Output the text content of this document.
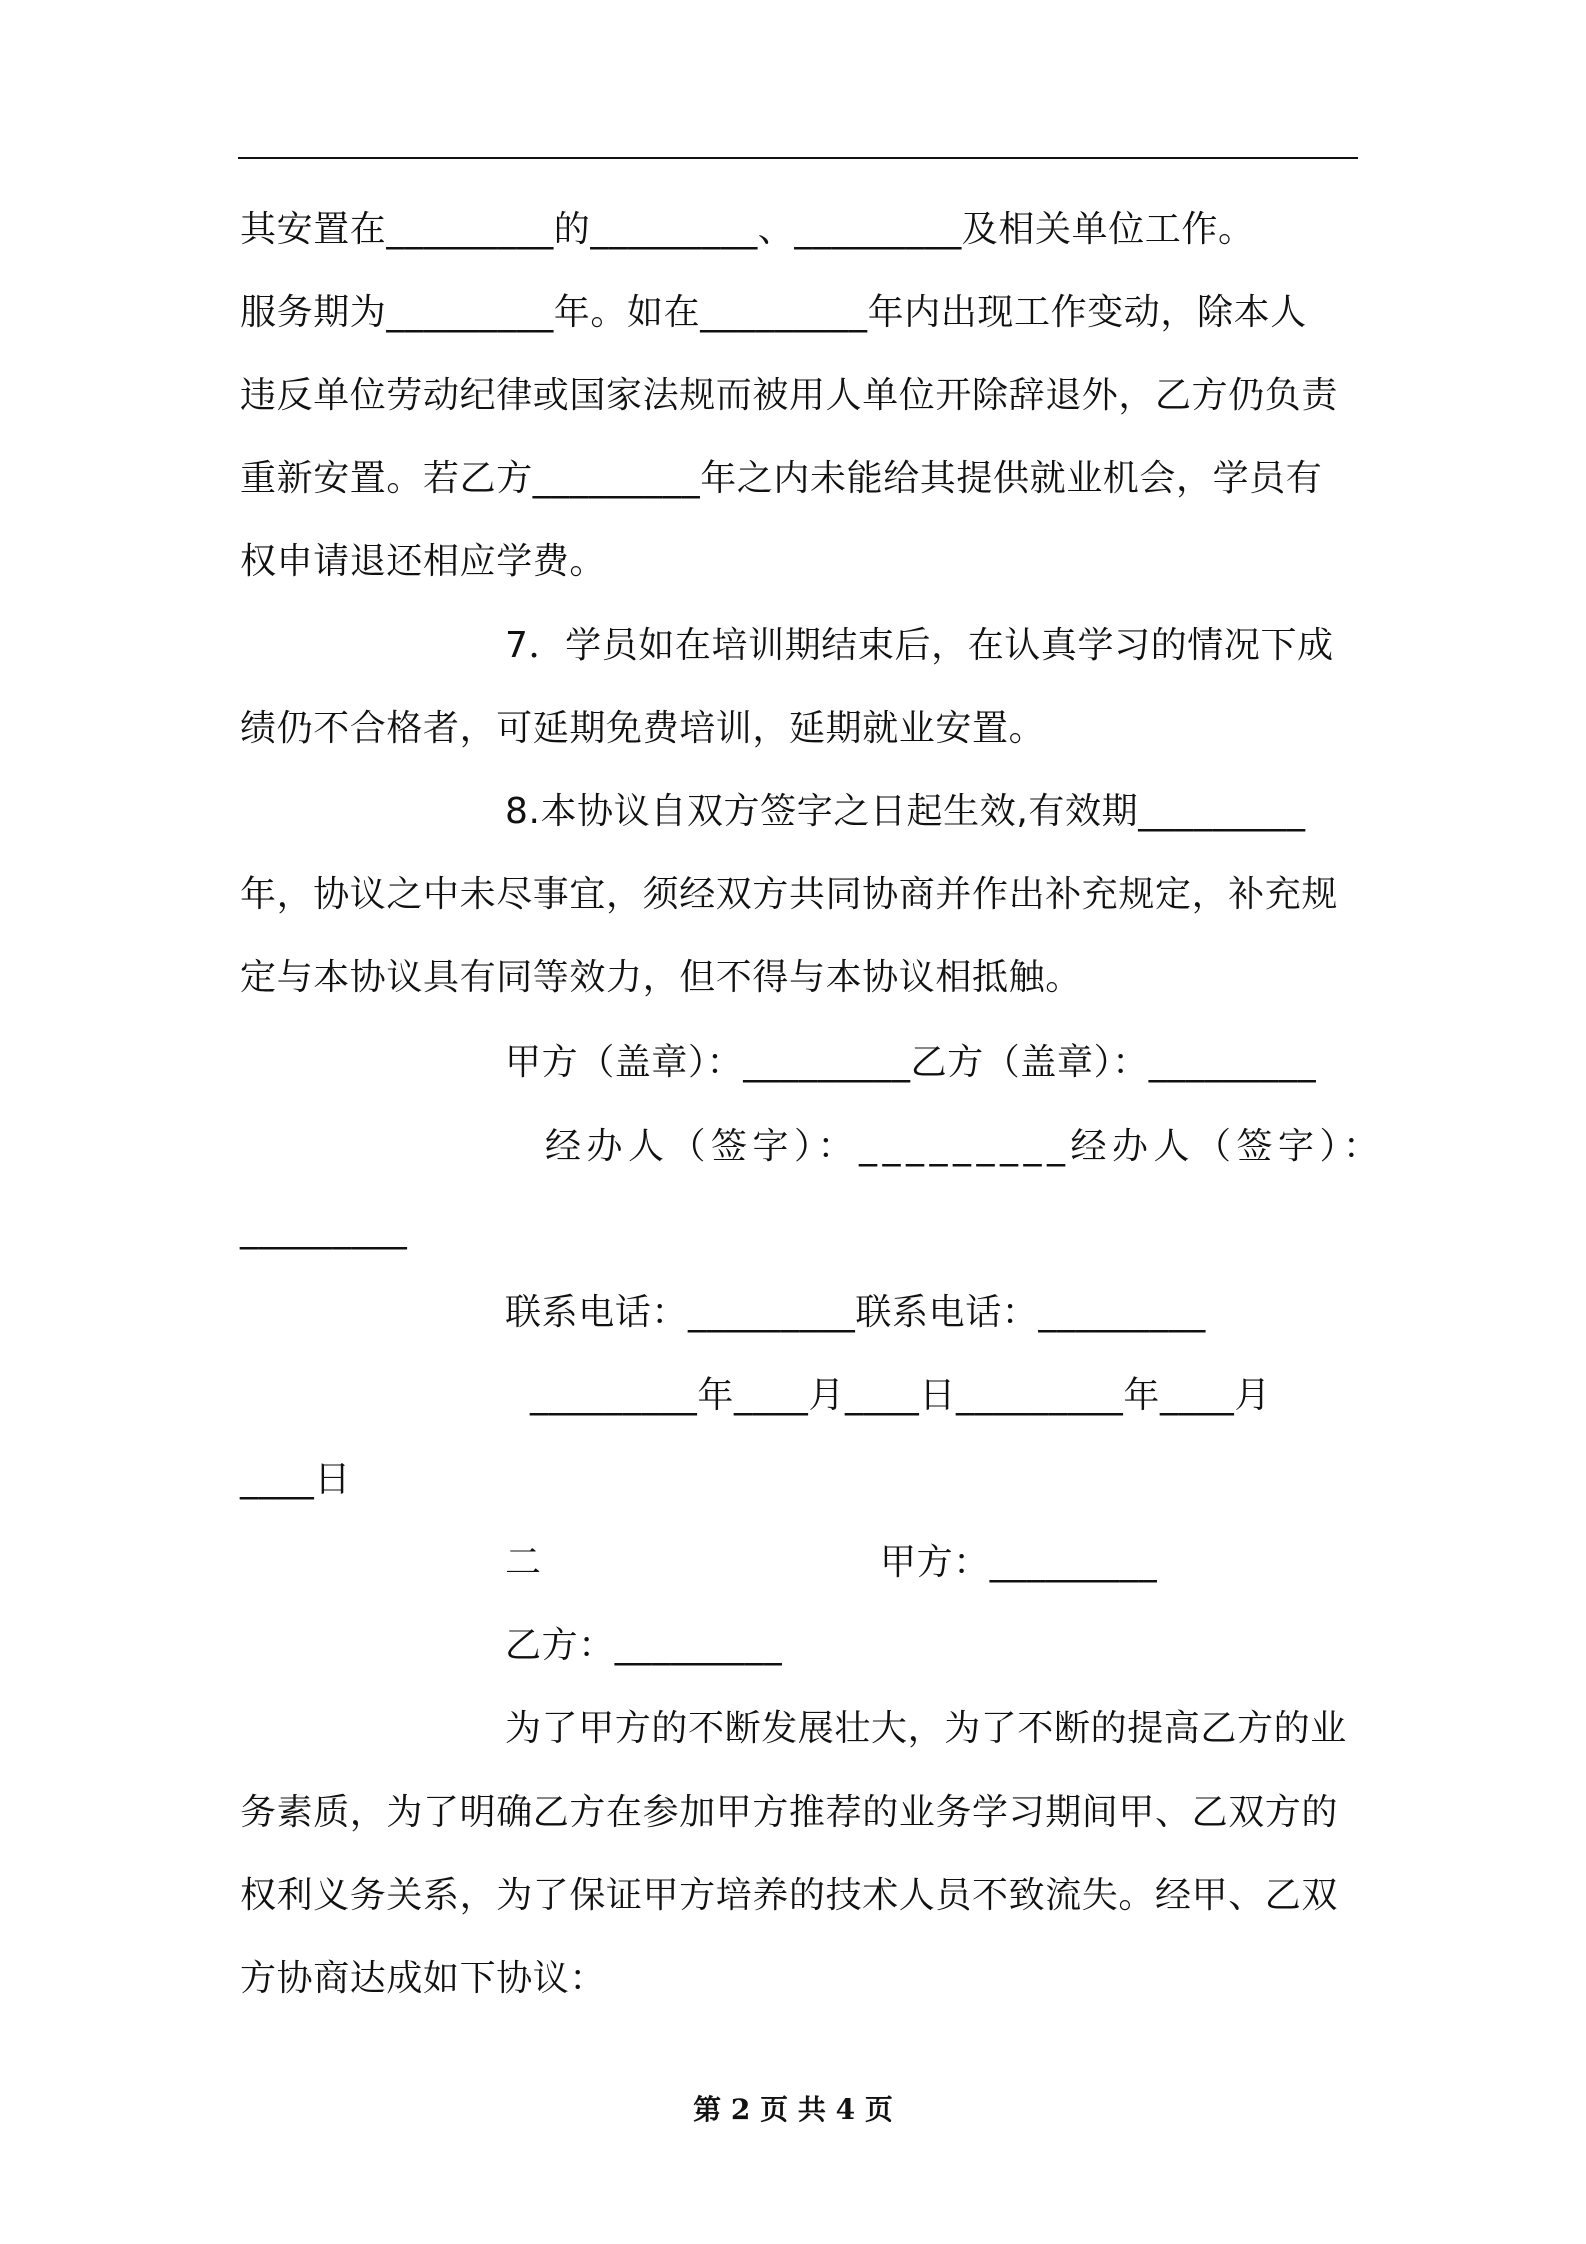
其安置在_________的_________、_________及相关单位工作。
服务期为_________年。如在_________年内出现工作变动，除本人
违反单位劳动纪律或国家法规而被用人单位开除辞退外，乙方仍负责
重新安置。若乙方_________年之内未能给其提供就业机会，学员有
权申请退还相应学费。
7．学员如在培训期结束后，在认真学习的情况下成
绩仍不合格者，可延期免费培训，延期就业安置。
8.本协议自双方签字之日起生效,有效期_________
年，协议之中未尽事宜，须经双方共同协商并作出补充规定，补充规
定与本协议具有同等效力，但不得与本协议相抵触。
甲方（盖章）：_________乙方（盖章）：_________
经办人（签字）：_________经办人（签字）：
_________
联系电话：_________联系电话：_________
_________年____月____日_________年____月
____日
二	甲方：_________
乙方：_________
为了甲方的不断发展壮大，为了不断的提高乙方的业
务素质，为了明确乙方在参加甲方推荐的业务学习期间甲、乙双方的
权利义务关系，为了保证甲方培养的技术人员不致流失。经甲、乙双
方协商达成如下协议：
第 2 页 共 4 页
